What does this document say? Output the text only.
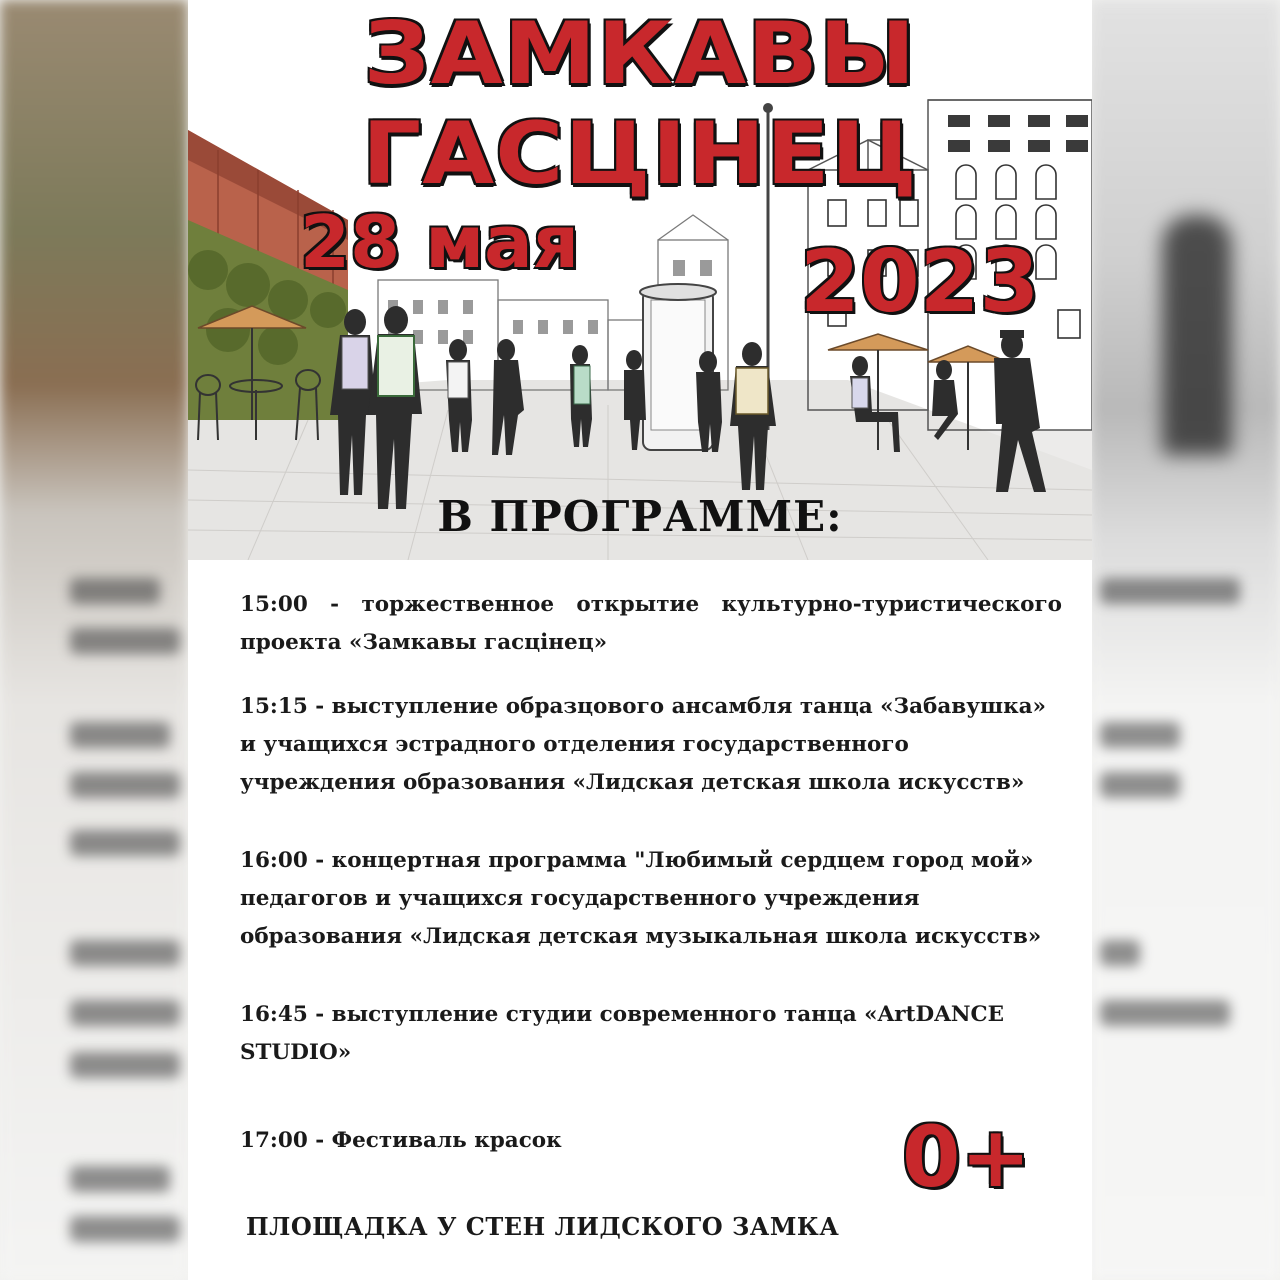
ЗАМКАВЫ ГАСЦІНЕЦ
28 мая	2023
В ПРОГРАММЕ:

15:00 - торжественное открытие культурно-туристического проекта «Замкавы гасцінец»

15:15 - выступление образцового ансамбля танца «Забавушка» и учащихся эстрадного отделения государственного учреждения образования «Лидская детская школа искусств»

16:00 - концертная программа "Любимый сердцем город мой» педагогов и учащихся государственного учреждения образования «Лидская детская музыкальная школа искусств»

16:45 - выступление студии современного танца «ArtDANCE STUDIO»

17:00 - Фестиваль красок	0+
ПЛОЩАДКА У СТЕН ЛИДСКОГО ЗАМКА
